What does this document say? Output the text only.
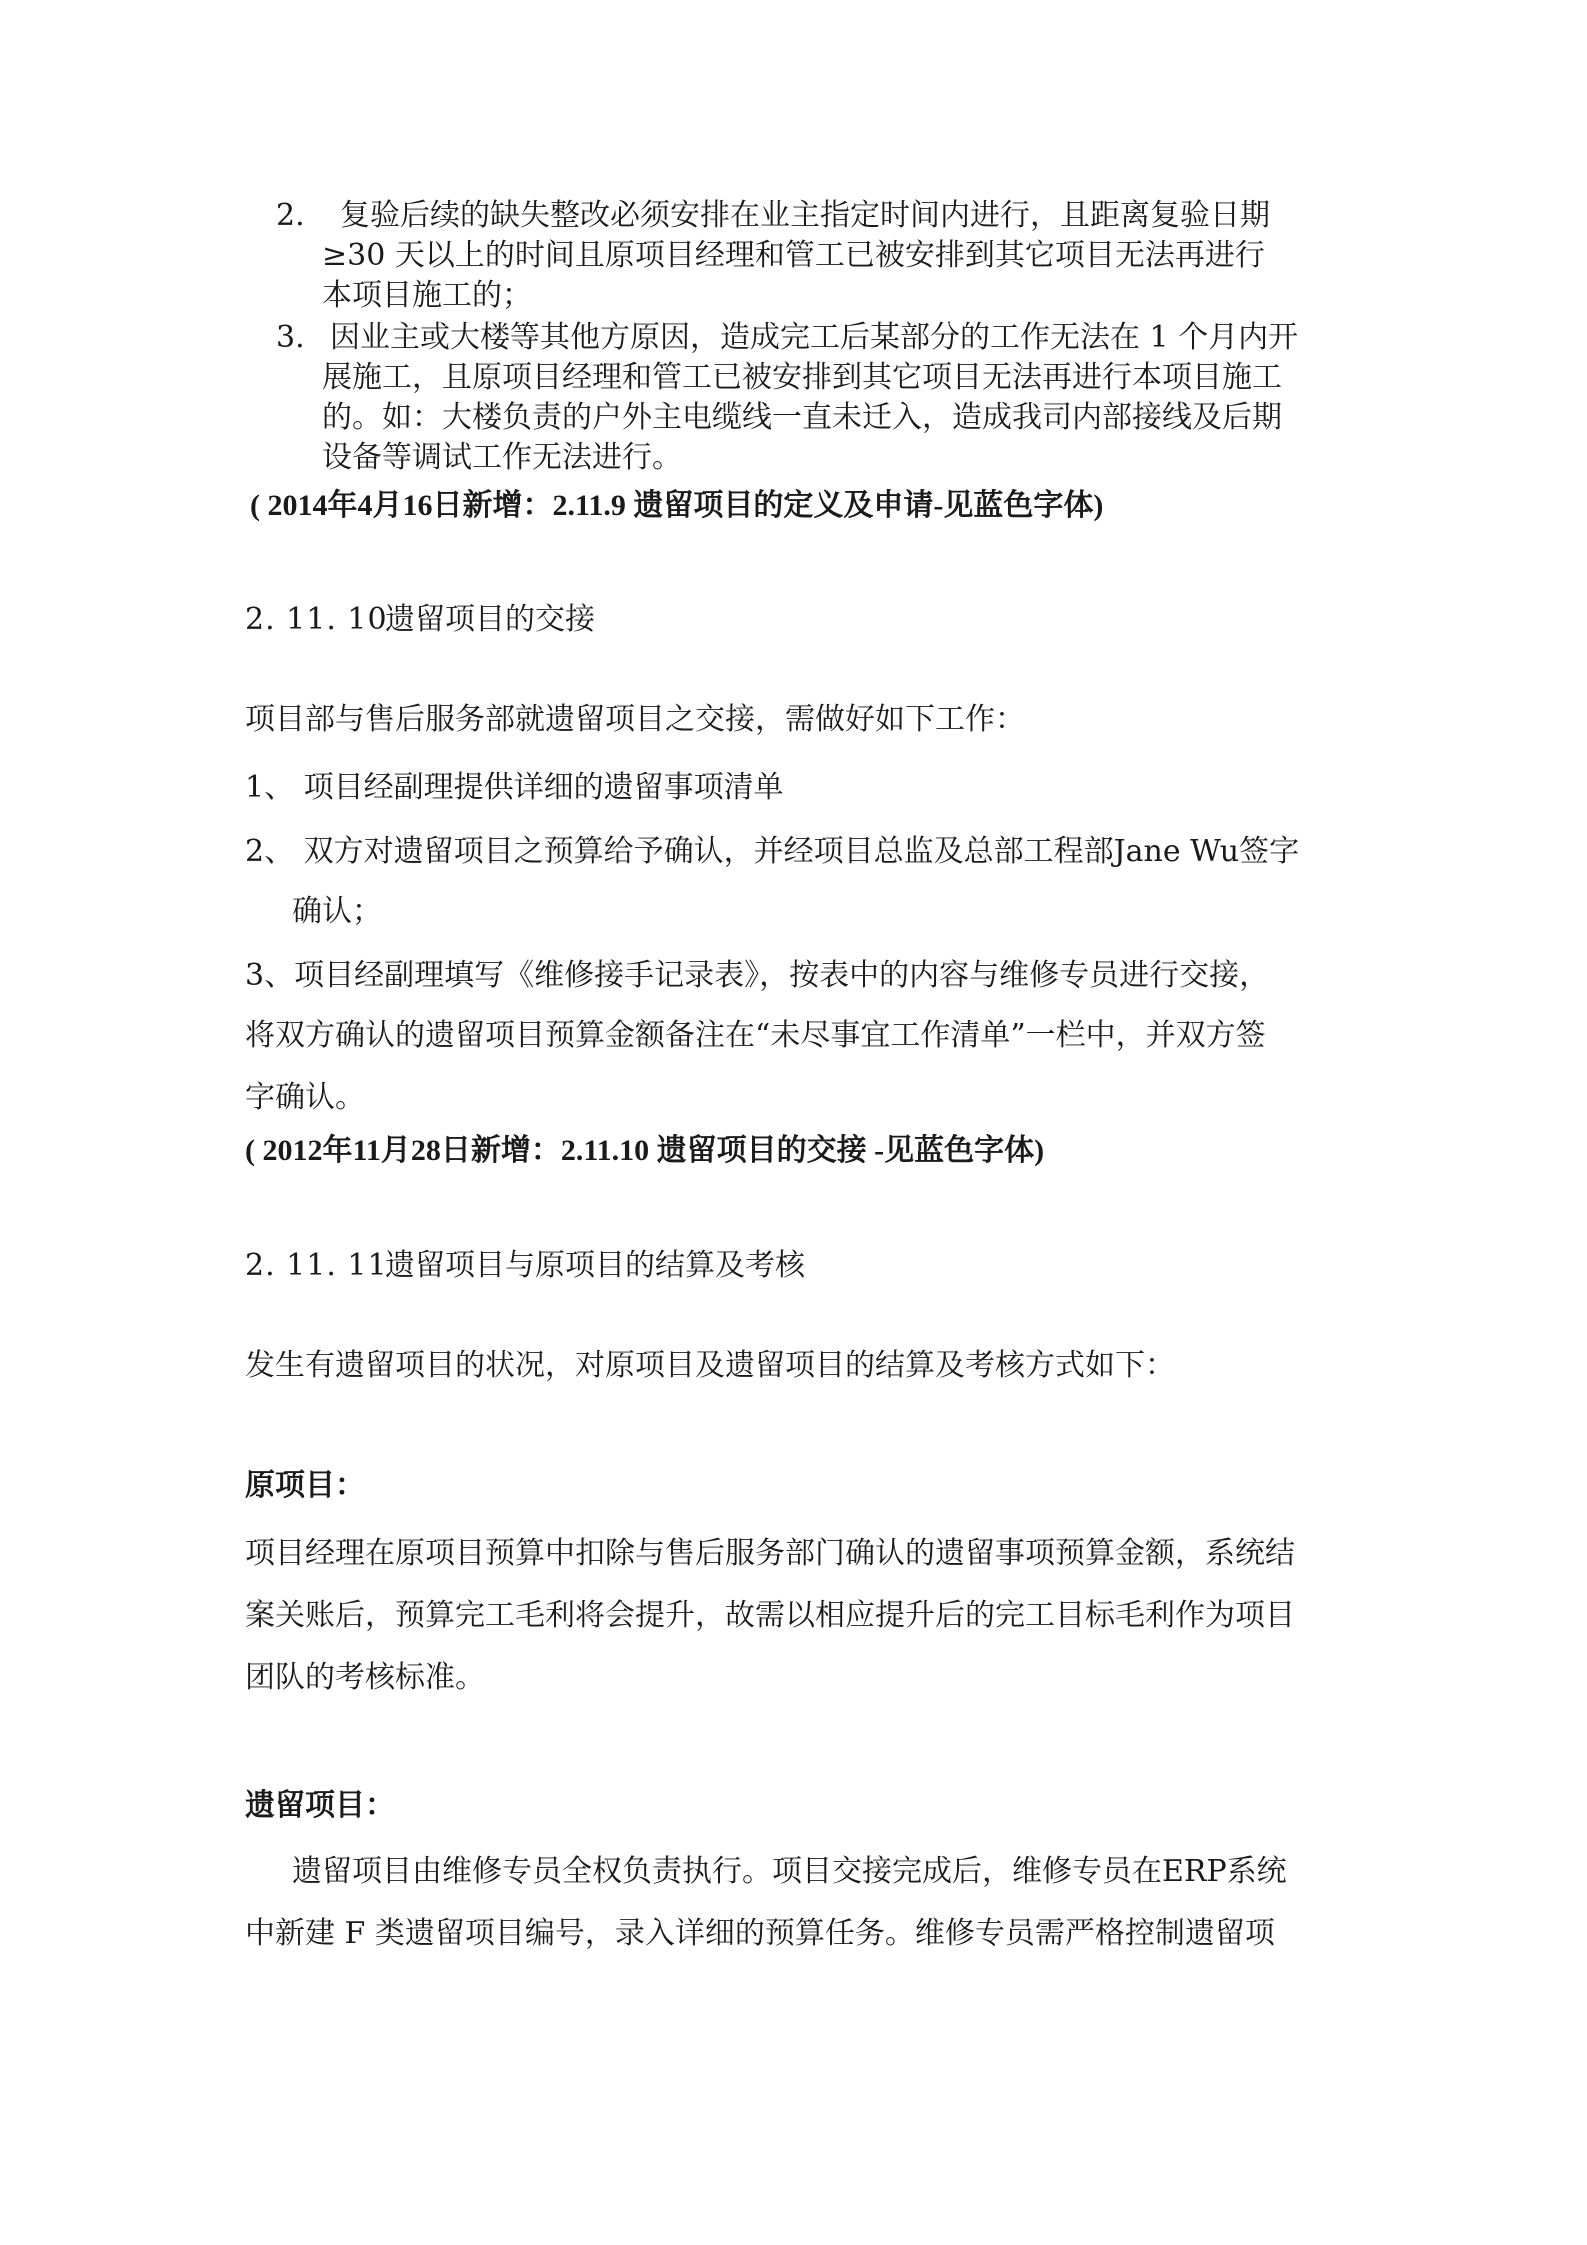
2. 复验后续的缺失整改必须安排在业主指定时间内进行，且距离复验日期
≥30 天以上的时间且原项目经理和管工已被安排到其它项目无法再进行
本项目施工的；
3. 因业主或大楼等其他方原因，造成完工后某部分的工作无法在 1 个月内开
展施工，且原项目经理和管工已被安排到其它项目无法再进行本项目施工
的。如：大楼负责的户外主电缆线一直未迁入，造成我司内部接线及后期
设备等调试工作无法进行。
( 2014年4月16日新增：2.11.9 遗留项目的定义及申请-见蓝色字体)
2. 11. 10遗留项目的交接
项目部与售后服务部就遗留项目之交接，需做好如下工作：
1、 项目经副理提供详细的遗留事项清单
2、 双方对遗留项目之预算给予确认，并经项目总监及总部工程部Jane Wu签字
确认；
3、项目经副理填写《维修接手记录表》，按表中的内容与维修专员进行交接，
将双方确认的遗留项目预算金额备注在“未尽事宜工作清单”一栏中，并双方签
字确认。
( 2012年11月28日新增：2.11.10 遗留项目的交接 -见蓝色字体)
2. 11. 11遗留项目与原项目的结算及考核
发生有遗留项目的状况，对原项目及遗留项目的结算及考核方式如下：
原项目：
项目经理在原项目预算中扣除与售后服务部门确认的遗留事项预算金额，系统结
案关账后，预算完工毛利将会提升，故需以相应提升后的完工目标毛利作为项目
团队的考核标准。
遗留项目：
遗留项目由维修专员全权负责执行。项目交接完成后，维修专员在ERP系统
中新建 F 类遗留项目编号，录入详细的预算任务。维修专员需严格控制遗留项
